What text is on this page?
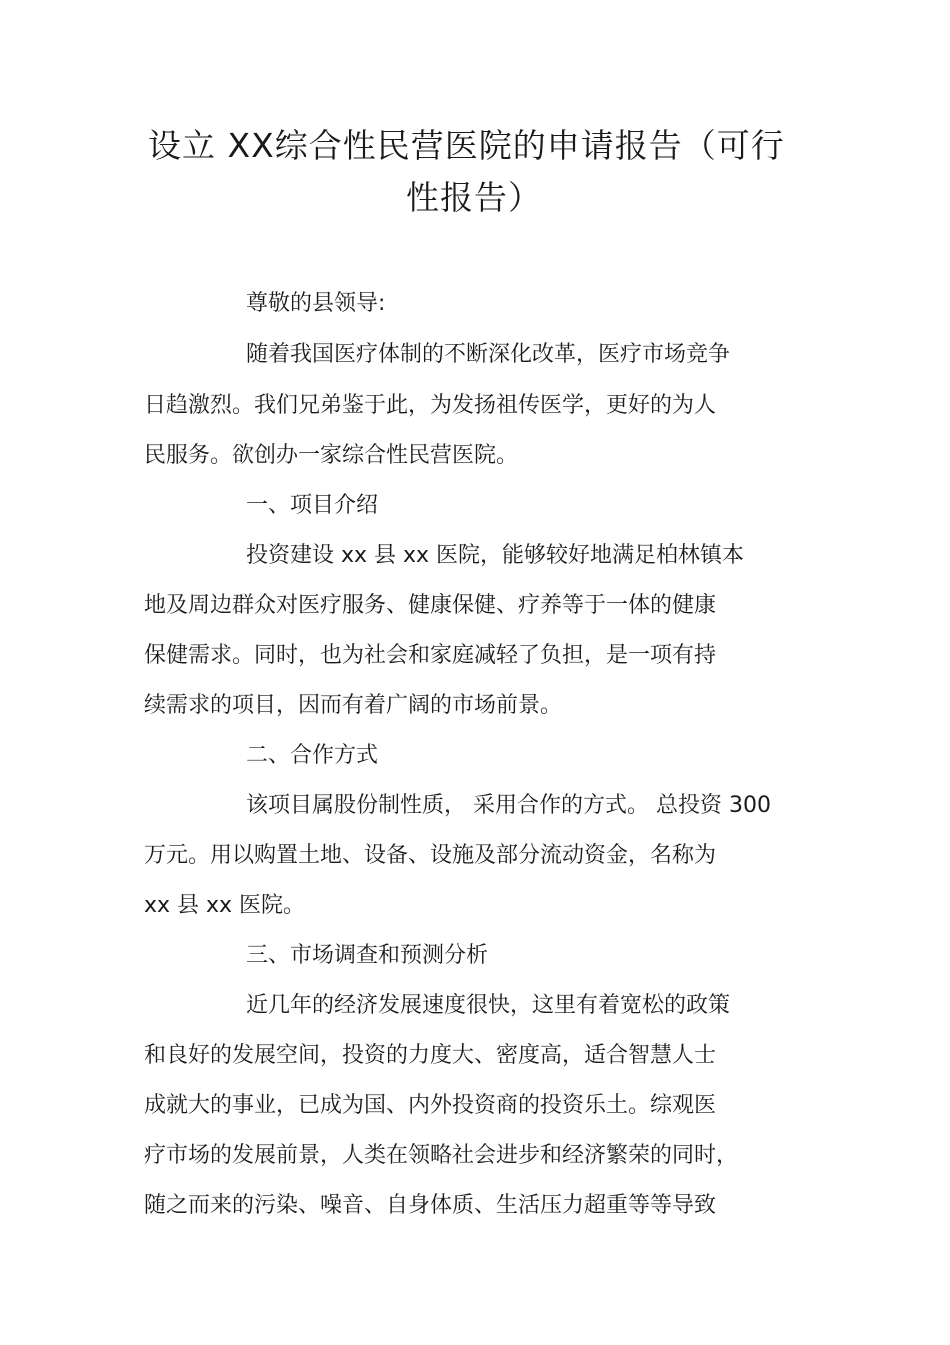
设立 XX综合性民营医院的申请报告（可行
性报告）
尊敬的县领导:
随着我国医疗体制的不断深化改革，医疗市场竞争
日趋激烈。我们兄弟鉴于此，为发扬祖传医学，更好的为人
民服务。欲创办一家综合性民营医院。
一、项目介绍
投资建设 xx 县 xx 医院，能够较好地满足柏林镇本
地及周边群众对医疗服务、健康保健、疗养等于一体的健康
保健需求。同时，也为社会和家庭减轻了负担，是一项有持
续需求的项目，因而有着广阔的市场前景。
二、合作方式
该项目属股份制性质， 采用合作的方式。 总投资 300
万元。用以购置土地、设备、设施及部分流动资金，名称为
xx 县 xx 医院。
三、市场调查和预测分析
近几年的经济发展速度很快，这里有着宽松的政策
和良好的发展空间，投资的力度大、密度高，适合智慧人士
成就大的事业，已成为国、内外投资商的投资乐土。综观医
疗市场的发展前景，人类在领略社会进步和经济繁荣的同时，
随之而来的污染、噪音、自身体质、生活压力超重等等导致
